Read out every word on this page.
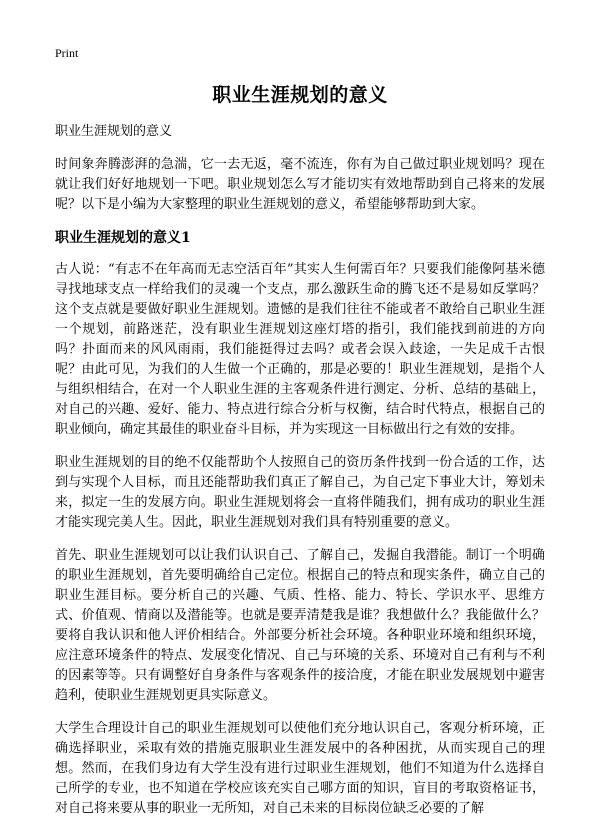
Print
职业生涯规划的意义

职业生涯规划的意义

时间象奔腾澎湃的急湍，它一去无返，毫不流连，你有为自己做过职业规划吗？现在就让我们好好地规划一下吧。职业规划怎么写才能切实有效地帮助到自己将来的发展呢？以下是小编为大家整理的职业生涯规划的意义，希望能够帮助到大家。

职业生涯规划的意义1

古人说：“有志不在年高而无志空活百年”其实人生何需百年？只要我们能像阿基米德寻找地球支点一样给我们的灵魂一个支点，那么激跃生命的腾飞还不是易如反掌吗？这个支点就是要做好职业生涯规划。遗憾的是我们往往不能或者不敢给自己职业生涯一个规划，前路迷茫，没有职业生涯规划这座灯塔的指引，我们能找到前进的方向吗？扑面而来的风风雨雨，我们能挺得过去吗？或者会误入歧途，一失足成千古恨呢？由此可见，为我们的人生做一个正确的，那是必要的！职业生涯规划，是指个人与组织相结合，在对一个人职业生涯的主客观条件进行测定、分析、总结的基础上，对自己的兴趣、爱好、能力、特点进行综合分析与权衡，结合时代特点，根据自己的职业倾向，确定其最佳的职业奋斗目标，并为实现这一目标做出行之有效的安排。

职业生涯规划的目的绝不仅能帮助个人按照自己的资历条件找到一份合适的工作，达到与实现个人目标，而且还能帮助我们真正了解自己，为自己定下事业大计，筹划未来，拟定一生的发展方向。职业生涯规划将会一直将伴随我们，拥有成功的职业生涯才能实现完美人生。因此，职业生涯规划对我们具有特别重要的意义。

首先、职业生涯规划可以让我们认识自己、了解自己，发掘自我潜能。制订一个明确的职业生涯规划，首先要明确给自己定位。根据自己的特点和现实条件，确立自己的职业生涯目标。要分析自己的兴趣、气质、性格、能力、特长、学识水平、思维方式、价值观、情商以及潜能等。也就是要弄清楚我是谁？我想做什么？我能做什么？要将自我认识和他人评价相结合。外部要分析社会环境。各种职业环境和组织环境，应注意环境条件的特点、发展变化情况、自己与环境的关系、环境对自己有利与不利的因素等等。只有调整好自身条件与客观条件的接洽度，才能在职业发展规划中避害趋利，使职业生涯规划更具实际意义。

大学生合理设计自己的职业生涯规划可以使他们充分地认识自己，客观分析环境，正确选择职业，采取有效的措施克服职业生涯发展中的各种困扰，从而实现自己的理想。然而，在我们身边有大学生没有进行过职业生涯规划，他们不知道为什么选择自己所学的专业，也不知道在学校应该充实自己哪方面的知识，盲目的考取资格证书，对自己将来要从事的职业一无所知，对自己未来的目标岗位缺乏必要的了解
